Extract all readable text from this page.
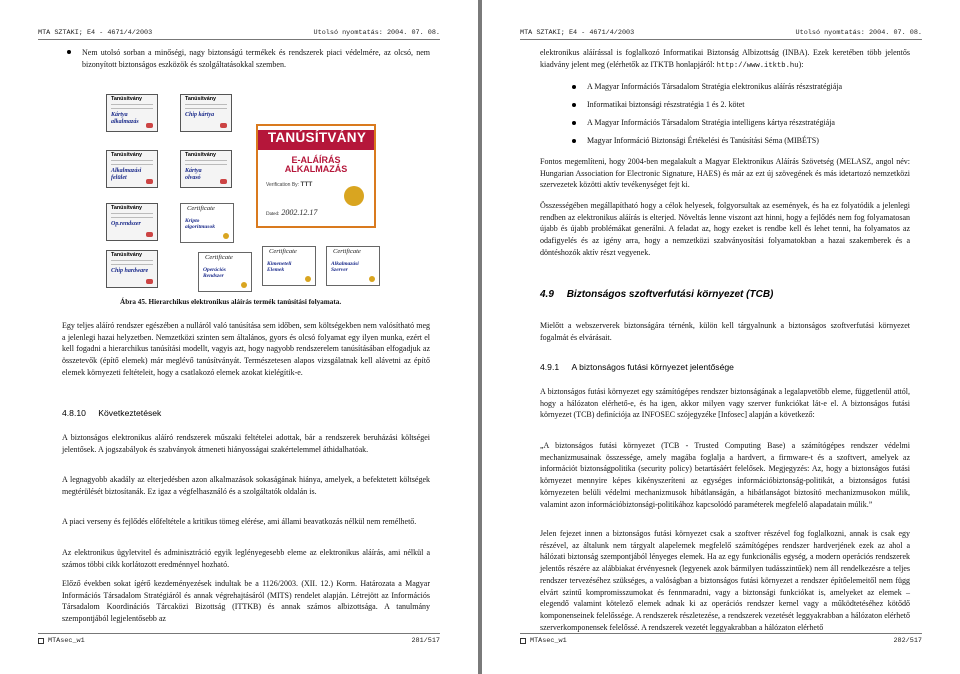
MTA SZTAKI; E4 - 4671/4/2003	Utolsó nyomtatás: 2004. 07. 08.
Nem utolsó sorban a minőségi, nagy biztonságú termékek és rendszerek piaci védelmére, az olcsó, nem bizonyított biztonságos eszközök és szolgáltatásokkal szemben.
Tanúsítvány
Kártya
alkalmazás
Tanúsítvány
Chip kártya
Tanúsítvány
Alkalmazási
felület
Tanúsítvány
Kártya
olvasó
Tanúsítvány
Op.rendszer
Tanúsítvány
Chip hardware
Certificate
Kripto
algoritmusok
Certificate
Operációs
Rendszer
Certificate
Kimeneteli
Elemek
Certificate
Alkalmazási
Szerver
TANÚSÍTVÁNY
E-ALÁÍRÁS
ALKALMAZÁS
Verification By: TTT
Dated: 2002.12.17
Ábra 45. Hierarchikus elektronikus aláírás termék tanúsítási folyamata.
Egy teljes aláíró rendszer egészében a nulláról való tanúsítása sem időben, sem költségekben nem valósítható meg a jelenlegi hazai helyzetben. Nemzetközi szinten sem általános, gyors és olcsó folyamat egy ilyen munka, ezért el kell fogadni a hierarchikus tanúsítási modellt, vagyis azt, hogy nagyobb rendszerelem tanúsításában elfogadjuk az összetevők (építő elemek) már meglévő tanúsítványát. Természetesen alapos vizsgálatnak kell alávetni az építő elemek környezeti feltételeit, hogy a csatlakozó elemek azokat kielégítik-e.
4.8.10 Következtetések
A biztonságos elektronikus aláíró rendszerek műszaki feltételei adottak, bár a rendszerek beruházási költségei jelentősek. A jogszabályok és szabványok átmeneti hiányosságai szakértelemmel áthidalhatóak.
A legnagyobb akadály az elterjedésben azon alkalmazások sokaságának hiánya, amelyek, a befektetett költségek megtérülését biztosítanák. Ez igaz a végfelhasználó és a szolgáltatók oldalán is.
A piaci verseny és fejlődés előfeltétele a kritikus tömeg elérése, ami állami beavatkozás nélkül nem remélhető.
Az elektronikus ügyletvitel és adminisztráció egyik leglényegesebb eleme az elektronikus aláírás, ami nélkül a számos többi cikk korlátozott eredménnyel hozható.
Előző években sokat ígérő kezdeményezések indultak be a 1126/2003. (XII. 12.) Korm. Határozata a Magyar Információs Társadalom Stratégiáról és annak végrehajtásáról (MITS) rendelet alapján. Létrejött az Információs Társadalom Koordinációs Tárcaközi Bizottság (ITTKB) és annak számos albizottsága. A tanulmány szempontjából legjelentősebb az
MTAsec_w1	281/517
MTA SZTAKI; E4 - 4671/4/2003	Utolsó nyomtatás: 2004. 07. 08.
elektronikus aláírással is foglalkozó Informatikai Biztonság Albizottság (INBA). Ezek keretében több jelentős kiadvány jelent meg (elérhetők az ITKTB honlapjáról: http://www.itktb.hu):
A Magyar Információs Társadalom Stratégia elektronikus aláírás részstratégiája
Informatikai biztonsági részstratégia 1 és 2. kötet
A Magyar Információs Társadalom Stratégia intelligens kártya részstratégiája
Magyar Információ Biztonsági Értékelési és Tanúsítási Séma (MIBÉTS)
Fontos megemlíteni, hogy 2004-ben megalakult a Magyar Elektronikus Aláírás Szövetség (MELASZ, angol név: Hungarian Association for Electronic Signature, HAES) és már az ezt új szövegének és más idetartozó nemzetközi szervezetek közötti aktív tevékenységet fejt ki.
Összességében megállapítható hogy a célok helyesek, folgyorsultak az események, és ha ez folyatódik a jelenlegi rendben az elektronikus aláírás is elterjed. Növeltás lenne viszont azt hinni, hogy a fejlődés nem fog folyamatosan újabb és újabb problémákat generálni. A feladat az, hogy ezeket is rendbe kell és lehet tenni, ha folyamatos az odafigyelés és az igény arra, hogy a nemzetközi szabványosítási folyamatokban a hazai szakemberek és a döntéshozók aktív részt vegyenek.
4.9 Biztonságos szoftverfutási környezet (TCB)
Mielőtt a webszerverek biztonságára térnénk, külön kell tárgyalnunk a biztonságos szoftverfutási környezet fogalmát és elvárásait.
4.9.1 A biztonságos futási környezet jelentősége
A biztonságos futási környezet egy számítógépes rendszer biztonságának a legalapvetőbb eleme, függetlenül attól, hogy a hálózaton elérhető-e, és ha igen, akkor milyen vagy szerver funkciókat lát-e el. A biztonságos futási környezet (TCB) definíciója az INFOSEC szójegyzéke [Infosec] alapján a következő:
„A biztonságos futási környezet (TCB - Trusted Computing Base) a számítógépes rendszer védelmi mechanizmusainak összessége, amely magába foglalja a hardvert, a firmware-t és a szoftvert, amelyek az információt biztonságpolitika (security policy) betartásáért felelősek. Megjegyzés: Az, hogy a biztonságos futási környezet mennyire képes kikényszeríteni az egységes információbiztonság-politikát, a biztonságos futási környezeten belüli védelmi mechanizmusok hibátlanságán, a hibátlanságot biztosító mechanizmusokon múlik, valamint azon információbiztonsági-politikához kapcsolódó paraméterek megfelelő alapadatain múlik.”
Jelen fejezet innen a biztonságos futási környezet csak a szoftver részével fog foglalkozni, annak is csak egy részével, az általunk nem tárgyalt alapelemek megfelelő számítógépes rendszer hardverjének ezek az ahol a hálózati biztonság szempontjából lényeges elemek. Ha az egy funkcionális egység, a modern operációs rendszerek jelentős részére az alábbiakat érvényesnek (legyenek azok bármilyen tudásszintűek) nem áll rendelkezésre a teljes rendszer tervezéséhez szükséges, a valóságban a biztonságos futási környezet a rendszer építőelemeitől nem függ elvárt szintű kompromisszumokat és fennmaradni, vagy a biztonsági funkciókat is, amelyeket az elemek – elegendő valamint kötelező elemek adnak ki az operációs rendszer kernel vagy a működtetéséhez kötődő komponenseinek felelőssége. A rendszerek részletezése, a rendszerek vezetését leggyakrabban a hálózaton elérhető szerverkomponensek felelőssé. A rendszerek vezetét leggyakrabban a hálózaton elérhető
MTAsec_w1	282/517
